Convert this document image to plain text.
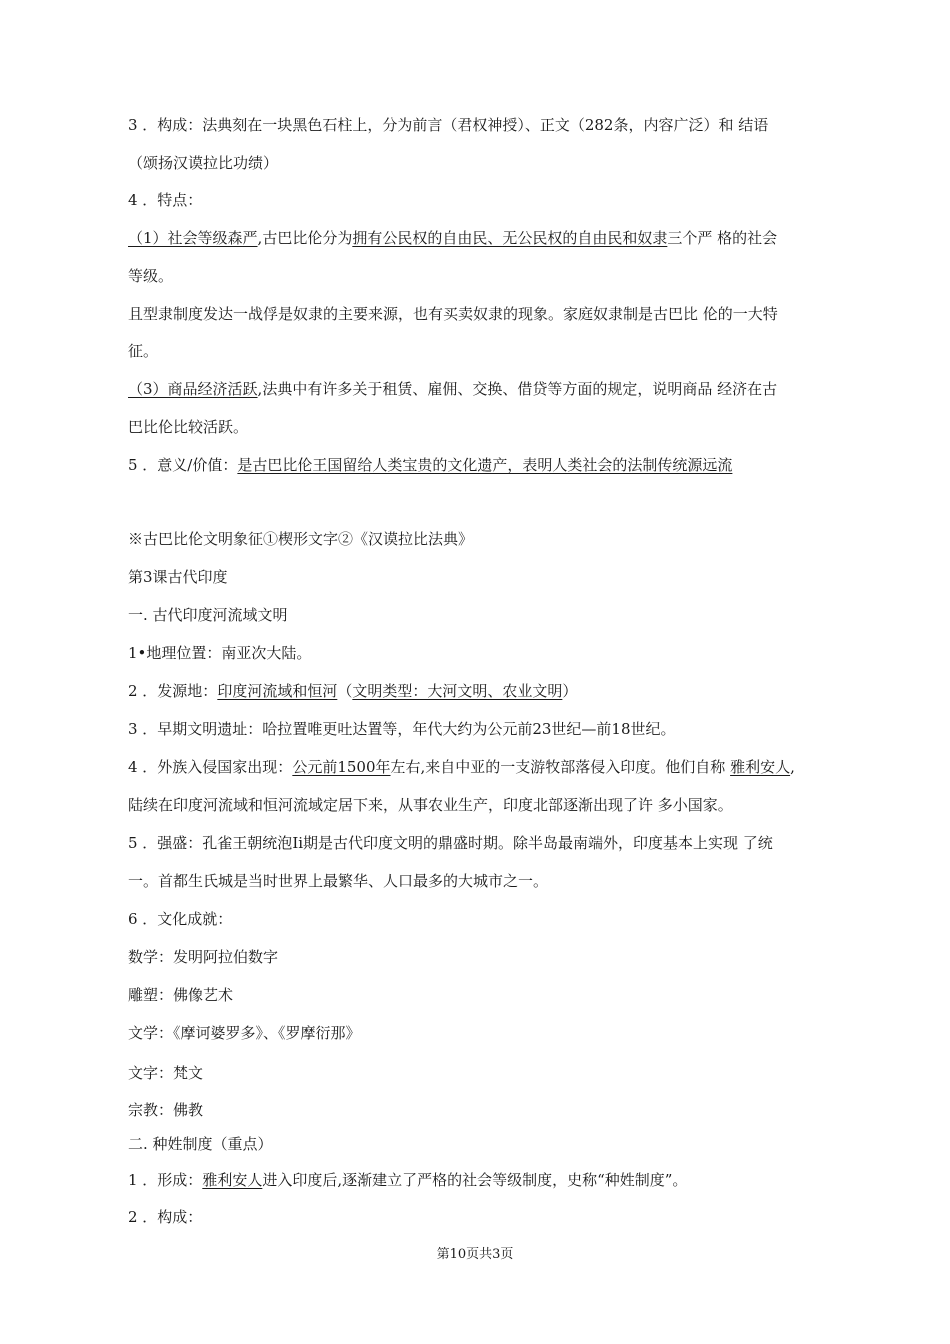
3 ．构成：法典刻在一块黑色石柱上，分为前言（君权神授）、正文（282条，内容广泛）和 结语
（颂扬汉谟拉比功绩）
4 ．特点：
（1）社会等级森严,古巴比伦分为拥有公民权的自由民、无公民权的自由民和奴隶三个严 格的社会
等级。
且型隶制度发达一战俘是奴隶的主要来源，也有买卖奴隶的现象。家庭奴隶制是古巴比 伦的一大特
征。
（3）商品经济活跃,法典中有许多关于租赁、雇佣、交换、借贷等方面的规定，说明商品 经济在古
巴比伦比较活跃。
5 ．意义/价值：是古巴比伦王国留给人类宝贵的文化遗产，表明人类社会的法制传统源远流
※古巴比伦文明象征①楔形文字②《汉谟拉比法典》
第3课古代印度
一. 古代印度河流域文明
1•地理位置：南亚次大陆。
2 ．发源地：印度河流域和恒河（文明类型：大河文明、农业文明）
3 ．早期文明遗址：哈拉置唯更吐达置等，年代大约为公元前23世纪—前18世纪。
4 ．外族入侵国家出现：公元前1500年左右,来自中亚的一支游牧部落侵入印度。他们自称 雅利安人,
陆续在印度河流域和恒河流域定居下来，从事农业生产，印度北部逐渐出现了许 多小国家。
5 ．强盛：孔雀王朝统泡Ii期是古代印度文明的鼎盛时期。除半岛最南端外，印度基本上实现 了统
一。首都生氏城是当时世界上最繁华、人口最多的大城市之一。
6 ．文化成就：
数学：发明阿拉伯数字
雕塑：佛像艺术
文学：《摩诃婆罗多》、《罗摩衍那》
文字：梵文
宗教：佛教
二. 种姓制度（重点）
1 ．形成：雅利安人进入印度后,逐渐建立了严格的社会等级制度，史称“种姓制度”。
2 ．构成：
第10页共3页
